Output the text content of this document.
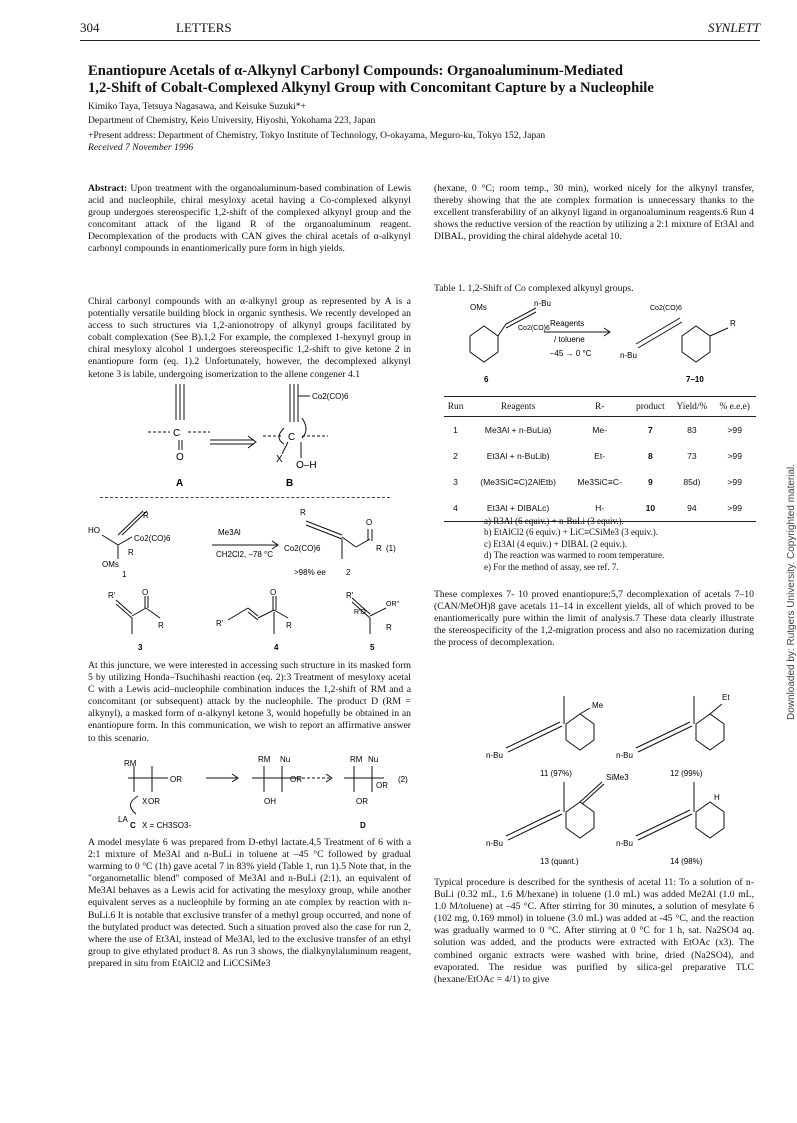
304	LETTERS	SYNLETT
Enantiopure Acetals of α-Alkynyl Carbonyl Compounds: Organoaluminum-Mediated
1,2-Shift of Cobalt-Complexed Alkynyl Group with Concomitant Capture by a Nucleophile
Kimiko Taya, Tetsuya Nagasawa, and Keisuke Suzuki*+
Department of Chemistry, Keio University, Hiyoshi, Yokohama 223, Japan
+Present address: Department of Chemistry, Tokyo Institute of Technology, O-okayama, Meguro-ku, Tokyo 152, Japan
Received 7 November 1996

Abstract: Upon treatment with the organoaluminum-based combination of Lewis acid and nucleophile, chiral mesyloxy acetal having a Co-complexed alkynyl group undergoes stereospecific 1,2-shift of the complexed alkynyl group and the concomitant attack of the ligand R of the organoaluminum reagent. Decomplexation of the products with CAN gives the chiral acetals of α-alkynyl carbonyl compounds in enantiomerically pure form in high yields.

Chiral carbonyl compounds with an α-alkynyl group as represented by A is a potentially versatile building block in organic synthesis. We recently developed an access to such structures via 1,2-anionotropy of alkynyl groups facilitated by cobalt complexation (See B).1,2 For example, the complexed 1-hexynyl group in chiral mesyloxy alcohol 1 undergoes stereospecific 1,2-shift to give ketone 2 in enantiopure form (eq. 1).2 Unfortunately, however, the decomplexed alkynyl ketone 3 is labile, undergoing isomerization to the allene congener 4.1

Co2(CO)6
C
O
C
X
O–H
A	B
HO
R
Co2(CO)6
R
OMs
1
Me3Al
CH2Cl2, –78 °C
R
Co2(CO)6
O
R (1)
>98% ee	2
R'	O
R
3
R'
O
R
4
R'
R'O
OR"
R
5

At this juncture, we were interested in accessing such structure in its masked form 5 by utilizing Honda–Tsuchihashi reaction (eq. 2):3 Treatment of mesyloxy acetal C with a Lewis acid–nucleophile combination induces the 1,2-shift of RM and a concomitant (or subsequent) attack by the nucleophile. The product D (RM = alkynyl), a masked form of α-alkynyl ketone 3, would hopefully be obtained in an enantiopure form. In this communication, we wish to report an affirmative answer to this scenario.

RM
OR
X OR
LA
RM Nu
OR
OH
RM Nu
OR
OR
(2)
C X = CH3SO3-	D

A model mesylate 6 was prepared from D-ethyl lactate.4,5 Treatment of 6 with a 2:1 mixture of Me3Al and n-BuLi in toluene at –45 °C followed by gradual warming to 0 °C (1h) gave acetal 7 in 83% yield (Table 1, run 1).5 Note that, in the "organometallic blend" composed of Me3Al and n-BuLi (2:1), an equivalent of Me3Al behaves as a Lewis acid for activating the mesyloxy group, while another equivalent serves as a nucleophile by forming an ate complex by reaction with n-BuLi.6 It is notable that exclusive transfer of a methyl group occurred, and none of the butylated product was detected. Such a situation proved also the case for run 2, where the use of Et3Al, instead of Me3Al, led to the exclusive transfer of an ethyl group to give ethylated product 8. As run 3 shows, the dialkynylaluminum reagent, prepared in situ from EtAlCl2 and LiCCSiMe3

(hexane, 0 °C; room temp., 30 min), worked nicely for the alkynyl transfer, thereby showing that the ate complex formation is unnecessary thanks to the excellent transferability of an alkynyl ligand in organoaluminum reagents.6 Run 4 shows the reductive version of the reaction by utilizing a 2:1 mixture of Et3Al and DIBAL, providing the chiral aldehyde acetal 10.

Table 1. 1,2-Shift of Co complexed alkynyl groups.
OMs	n-Bu
Co2(CO)6
Reagents
/ toluene
–45 → 0 °C
Co2(CO)6
R
n-Bu
6	7–10
Run	Reagents	R-	product	Yield/%	% e.e.e)
1	Me3Al + n-BuLia)	Me-	7	83	>99
2	Et3Al + n-BuLib)	Et-	8	73	>99
3	(Me3SiC≡C)2AlEtb)	Me3SiC≡C-	9	85d)	>99
4	Et3Al + DIBALc)	H-	10	94	>99
a) R3Al (6 equiv.) + n-BuLi (3 equiv.).
b) EtAlCl2 (6 equiv.) + LiC≡CSiMe3 (3 equiv.).
c) Et3Al (4 equiv.) + DIBAL (2 equiv.).
d) The reaction was warmed to room temperature.
e) For the method of assay, see ref. 7.

These complexes 7- 10 proved enantiopure:5,7 decomplexation of acetals 7–10 (CAN/MeOH)8 gave acetals 11–14 in excellent yields, all of which proved to be enantiomerically pure within the limit of analysis.7 These data clearly illustrate the stereospecificity of the 1,2-migration process and also no racemization during the process of decomplexation.

Me
Et
SiMe3
H
n-Bu	n-Bu
n-Bu	n-Bu
11 (97%)	12 (99%)
13 (quant.)	14 (98%)

Typical procedure is described for the synthesis of acetal 11: To a solution of n-BuLi (0.32 mL, 1.6 M/hexane) in toluene (1.0 mL) was added Me2Al (1.0 mL, 1.0 M/toluene) at –45 °C. After stirring for 30 minutes, a solution of mesylate 6 (102 mg, 0.169 mmol) in toluene (3.0 mL) was added at -45 °C, and the reaction was gradually warmed to 0 °C. After stirring at 0 °C for 1 h, sat. Na2SO4 aq. solution was added, and the products were extracted with EtOAc (x3). The combined organic extracts were washed with brine, dried (Na2SO4), and evaporated. The residue was purified by silica-gel preparative TLC (hexane/EtOAc = 4/1) to give

Downloaded by: Rutgers University. Copyrighted material.
